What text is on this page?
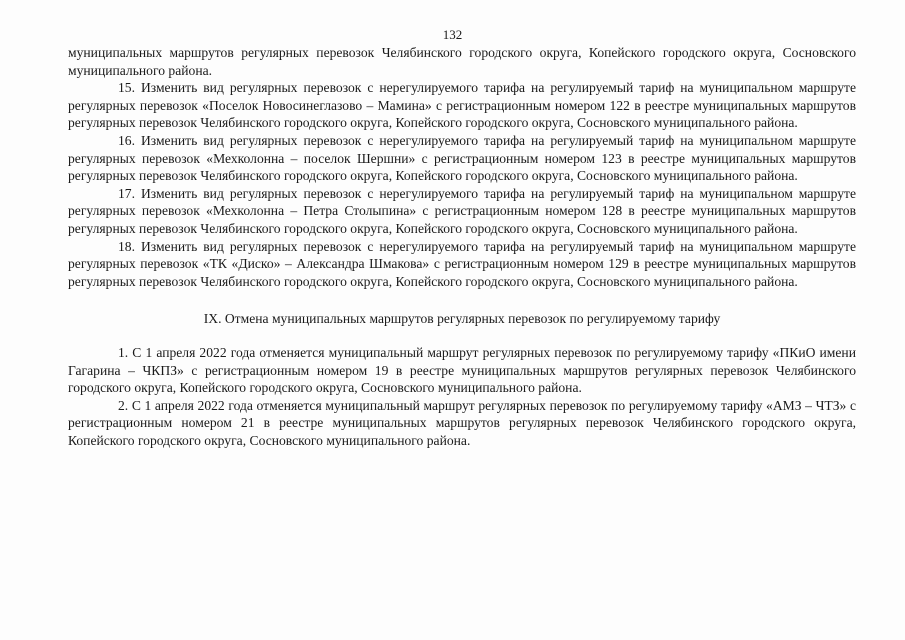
132

муниципальных маршрутов регулярных перевозок Челябинского городского округа, Копейского городского округа, Сосновского муниципального района.

15. Изменить вид регулярных перевозок с нерегулируемого тарифа на регулируемый тариф на муниципальном маршруте регулярных перевозок «Поселок Новосинеглазово – Мамина» с регистрационным номером 122 в реестре муниципальных маршрутов регулярных перевозок Челябинского городского округа, Копейского городского округа, Сосновского муниципального района.

16. Изменить вид регулярных перевозок с нерегулируемого тарифа на регулируемый тариф на муниципальном маршруте регулярных перевозок «Мехколонна – поселок Шершни» с регистрационным номером 123 в реестре муниципальных маршрутов регулярных перевозок Челябинского городского округа, Копейского городского округа, Сосновского муниципального района.

17. Изменить вид регулярных перевозок с нерегулируемого тарифа на регулируемый тариф на муниципальном маршруте регулярных перевозок «Мехколонна – Петра Столыпина» с регистрационным номером 128 в реестре муниципальных маршрутов регулярных перевозок Челябинского городского округа, Копейского городского округа, Сосновского муниципального района.

18. Изменить вид регулярных перевозок с нерегулируемого тарифа на регулируемый тариф на муниципальном маршруте регулярных перевозок «ТК «Диско» – Александра Шмакова» с регистрационным номером 129 в реестре муниципальных маршрутов регулярных перевозок Челябинского городского округа, Копейского городского округа, Сосновского муниципального района.

IX. Отмена муниципальных маршрутов регулярных перевозок по регулируемому тарифу

1. С 1 апреля 2022 года отменяется муниципальный маршрут регулярных перевозок по регулируемому тарифу «ПКиО имени Гагарина – ЧКПЗ» с регистрационным номером 19 в реестре муниципальных маршрутов регулярных перевозок Челябинского городского округа, Копейского городского округа, Сосновского муниципального района.

2. С 1 апреля 2022 года отменяется муниципальный маршрут регулярных перевозок по регулируемому тарифу «АМЗ – ЧТЗ» с регистрационным номером 21 в реестре муниципальных маршрутов регулярных перевозок Челябинского городского округа, Копейского городского округа, Сосновского муниципального района.
